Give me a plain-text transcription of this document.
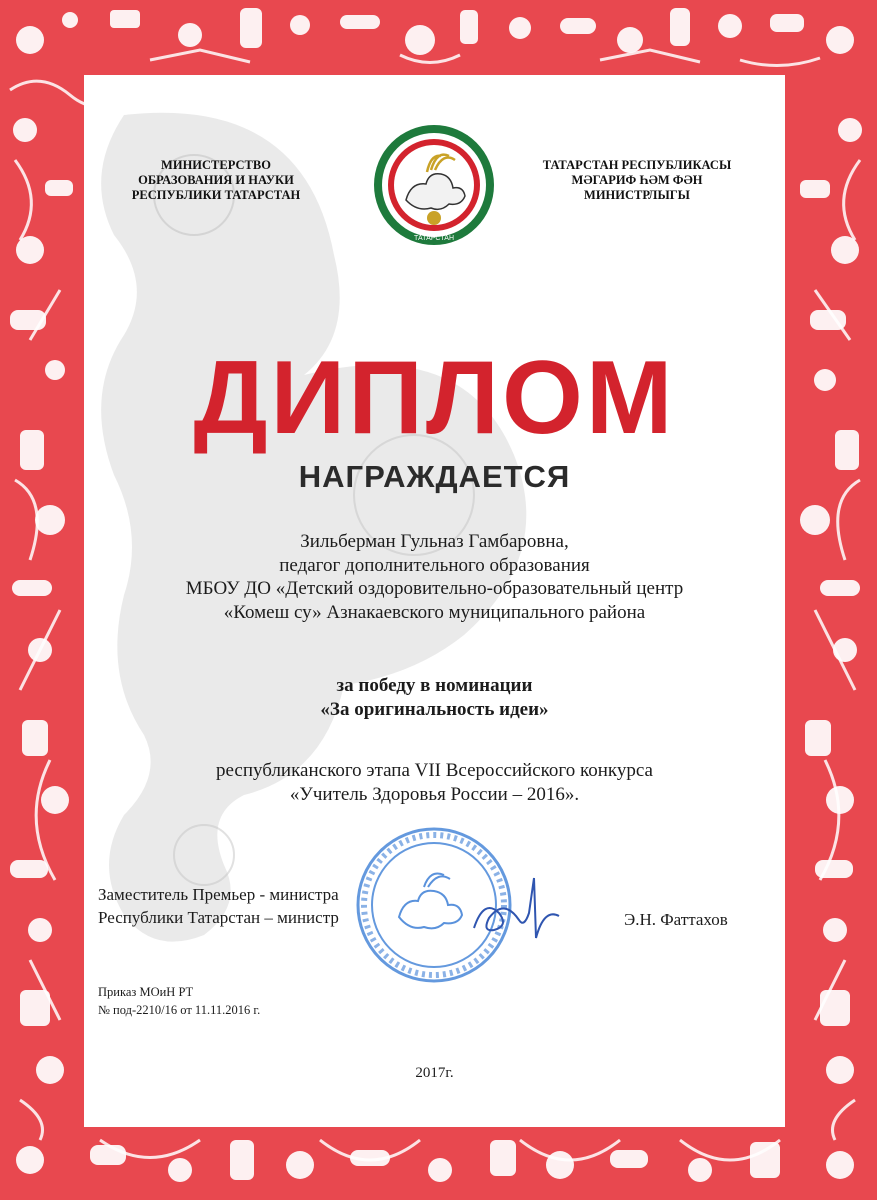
МИНИСТЕРСТВО
ОБРАЗОВАНИЯ И НАУКИ
РЕСПУБЛИКИ ТАТАРСТАН
ТАТАРСТАН
ТАТАРСТАН РЕСПУБЛИКАСЫ
МӘГАРИФ ҺӘМ ФӘН
МИНИСТРЛЫГЫ
ДИПЛОМ
НАГРАЖДАЕТСЯ
Зильберман Гульназ Гамбаровна,
педагог дополнительного образования
МБОУ ДО «Детский оздоровительно-образовательный центр
«Комеш су» Азнакаевского муниципального района
за победу в номинации
«За оригинальность идеи»
республиканского этапа VII Всероссийского конкурса
«Учитель Здоровья России – 2016».
Заместитель Премьер - министра
Республики Татарстан – министр	Э.Н. Фаттахов
Приказ МОиН РТ
№ под-2210/16 от 11.11.2016 г.
2017г.
